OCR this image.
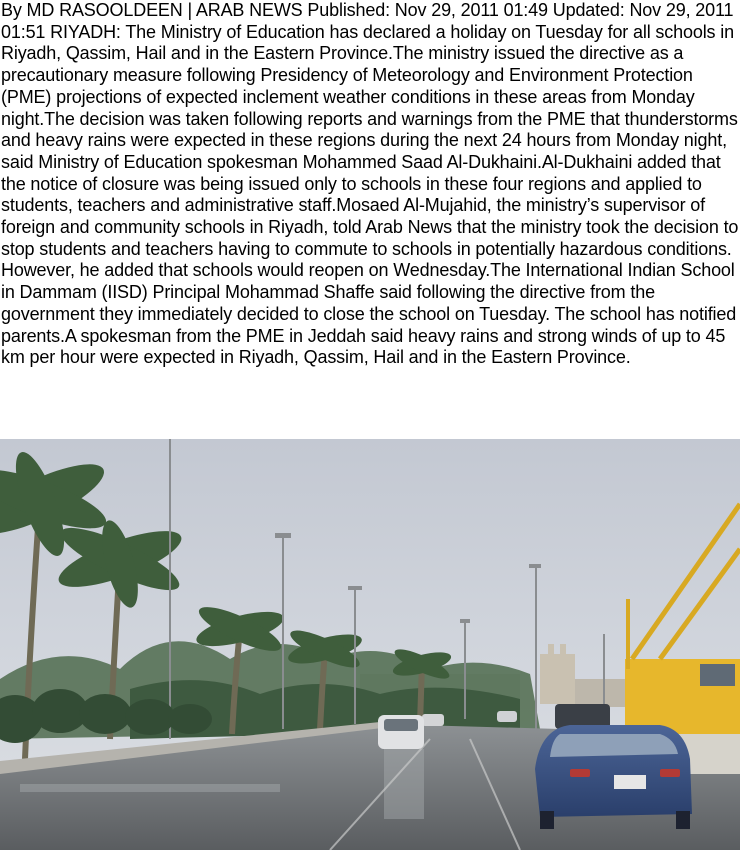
By MD RASOOLDEEN | ARAB NEWS Published: Nov 29, 2011 01:49 Updated: Nov 29, 2011 01:51 RIYADH: The Ministry of Education has declared a holiday on Tuesday for all schools in Riyadh, Qassim, Hail and in the Eastern Province.The ministry issued the directive as a precautionary measure following Presidency of Meteorology and Environment Protection (PME) projections of expected inclement weather conditions in these areas from Monday night.The decision was taken following reports and warnings from the PME that thunderstorms and heavy rains were expected in these regions during the next 24 hours from Monday night, said Ministry of Education spokesman Mohammed Saad Al-Dukhaini.Al-Dukhaini added that the notice of closure was being issued only to schools in these four regions and applied to students, teachers and administrative staff.Mosaed Al-Mujahid, the ministry’s supervisor of foreign and community schools in Riyadh, told Arab News that the ministry took the decision to stop students and teachers having to commute to schools in potentially hazardous conditions. However, he added that schools would reopen on Wednesday.The International Indian School in Dammam (IISD) Principal Mohammad Shaffe said following the directive from the government they immediately decided to close the school on Tuesday. The school has notified parents.A spokesman from the PME in Jeddah said heavy rains and strong winds of up to 45 km per hour were expected in Riyadh, Qassim, Hail and in the Eastern Province.
